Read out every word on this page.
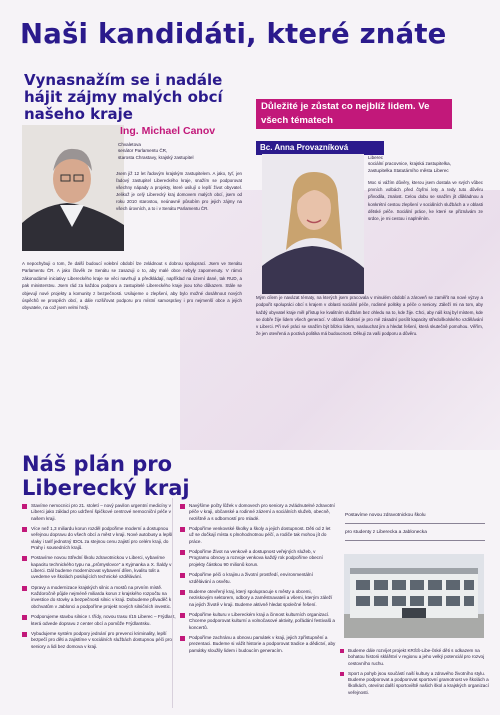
Naši kandidáti, které znáte
Vynasnažím se i nadále hájit zájmy malých obcí našeho kraje
Ing. Michael Canov
Chvaletova
senátor Parlamentu ČR,
starosta Chrastavy, krajský zastupitel
Jsem již 12 let řadovým krajským zastupitelem. A jako, tyť, jen řadový zastupitel Libereckého kraje, snažím se podporovat všechny nápady a projekty, které usilují o lepší život obyvatel. Jelikož je celý Liberecký kraj domovem malých obcí, jsem od roku 2010 starostou, neúnavně působím pro jejich zájmy na všech úrovních, a to i v Senátu Parlamentu ČR.
A nepochybuji o tom, že další budoucí volební období lze zvládnout s dobrou spoluprací. Jsem ve Senátu Parlamentu ČR. A jako člověk ze Senátu se zasazuji o to, aby malé obce nebyly zapomenuty. V rámci zákonodárné iniciativy Libereckého kraje se věci navrhují a předkládají, například na území dané, tak RUD, a pak ministerstvu. Jsem rád za každou podporu a zastupitelé Libereckého kraje jsou toho důkazem. Stále se objevují nové projekty a komunity z bezpečnosti. Usilujeme o zlepšení, aby bylo možné dosáhnout nových úspěchů ve prospěch obcí, a dále rozšiřovat podporu pro místní samosprávy i pro nejmenší obce a jejich obyvatele, na což jsem velmi hrdý.
Důležité je zůstat co nejblíž lidem. Ve všech tématech
Bc. Anna Provazníková
Liberec
sociální pracovnice, krajská zastupitelka,
zastupitelka Statutárního města Liberec
Moc si vážím důvěry, kterou jsem dostala ve svých vůbec prvních volbách před čtyřmi lety a tedy tuto důvěru přivodila, znalost. Celou dobu se snažím jít důkladnou a konkrétní cestou zlepšení v sociálních službách a v oblasti dětské péče. Sociální práce, ke které se přiznávám ze srdce, je mi cestou i naplněním.
Mým cílem je navázat tématy, na kterých jsem pracovala v minulém období a zároveň se zaměřit na nové výzvy a podpořit spolupráci obcí s krajem v oblasti sociální péče, rodinné politiky a péče o seniory. Záleží mi na tom, aby každý obyvatel kraje měl přístup ke kvalitním službám bez ohledu na to, kde žije. Chci, aby náš kraj byl místem, kde se dobře žije lidem všech generací. V oblasti školství je pro mě zásadní posílit kapacity středoškolského vzdělávání v Liberci. Při své práci se snažím být blízko lidem, naslouchat jim a hledat řešení, která skutečně pomohou. Věřím, že jen otevřená a poctivá politika má budoucnost. Děkuji za vaši podporu a důvěru.
Náš plán pro Liberecký kraj
Stavíme nemocnici pro 21. století – nový pavilon urgentní medicíny v Liberci jako základ pro udržení špičkové centrové nemocniční péče v našem kraji.
Více než 1,3 miliardu korun rozděl podpořime moderní a dostupnou veřejnou dopravu do všech obcí a měst v kraji. Nové autobusy a lepší vlaky i tarif jednotný IDOL za stejnou cenu zajistí pro celém kraji, do Prahy i sousedních krajů.
Postavíme novou Střední školu zdravotnickou v Liberci, vybavíme kapacitu technického typu na „průmyslovce“ a Kyjmanka a X. Šaldy v Liberci. Dál budeme modernizovat vybavení dílen, kvalitu tolit a uvedeme ve školách posilujících technické vzdělávání.
Opravy a modernizace krajských silnic a mostů na prvním místě. Každoročně půjde nejméně miliarda korun z krajského rozpočtu na investice do stovky a bezpečnosti silnic v kraji. Dobudeme přivaděč k obchvatům v Jablonci a podpoříme projekt nových silničních investic.
Podporujeme stavbu silnice I. třídy, novou trasu I/15 Liberec – Frýdlant, která odvede dopravu z center obcí a pomůže Frýdlantsku.
Vybudujeme systém podpory jednání pro prevenci kriminality, lepší bezpečí pro děti a zajistíme v sociálních službách dostupnou péči pro seniory a lidi bez domova v kraji.
Navýšíme počty lůžek v domovech pro seniory a zvládnutelné zdravotní péče v kraji, občanské a rodinné zázemí a sociálních služeb, obecně, nezištně a s odborností pro mladé.
Podpoříme venkovské školky a školy a jejich dostupnost. Děti od 2 let už se dočkají místa s plnohodnotnou péčí, a rodiče tak mohou jít do práce.
Podpoříme Život na venkově a dostupnost veřejných služeb, v Programu obnovy a rozvoje venkova každý rok podpoříme obecní projekty částkou 90 milionů korun.
Podpoříme péči o krajinu a životní prostředí, environmentální vzdělávání a osvětu.
Budeme otevřený kraj, který spolupracuje s městy a obcemi, neziskovým sektorem, odbory a zaměstnavateli a všemi, kterým záleží na jejich životě v kraji. Budeme aktivně hledat společné řešení.
Podpoříme kulturu v Libereckém kraji a činnost kulturních organizací. Chceme podporovat kulturní a volnočasové aktivity, pořádání festivalů a koncertů.
Podpoříme zachránu a obnovu památek v kraji, jejich zpřístupnění a prezentaci. Budeme si vážit historie a podporovat tradice a dědictví, aby památky sloužily lidem i budoucím generacím.
Postavíme novou zdravotnickou školu
pro studenty z Liberecka a Jablonecka
Budeme dále rozvíjet projekt KRŠŠ-Libe-čské děti s odkazem na bohatou historii sklářství v regionu a jeho velký potenciál pro rozvoj cestovního ruchu.
Sport a pohyb jsou součástí naší kultury a zdravého životního stylu. Budeme podporovat a podporovat sportovní gramotnost ve školách a školkách, otevírat další sportoviště našich škol a krajských organizací veřejnosti.
